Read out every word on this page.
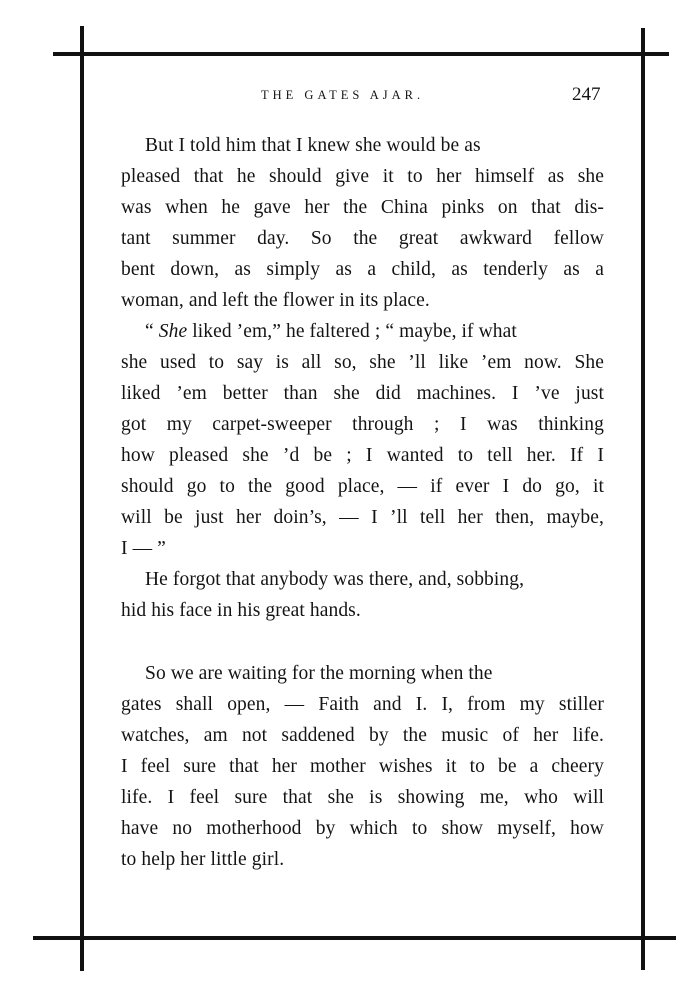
THE GATES AJAR.	247
But I told him that I knew she would be as
pleased that he should give it to her himself as she
was when he gave her the China pinks on that dis-
tant summer day. So the great awkward fellow
bent down, as simply as a child, as tenderly as a
woman, and left the flower in its place.
“ She liked ’em,” he faltered ; “ maybe, if what
she used to say is all so, she ’ll like ’em now. She
liked ’em better than she did machines. I ’ve just
got my carpet-sweeper through ; I was thinking
how pleased she ’d be ; I wanted to tell her. If I
should go to the good place, — if ever I do go, it
will be just her doin’s, — I ’ll tell her then, maybe,
I — ”
He forgot that anybody was there, and, sobbing,
hid his face in his great hands.
So we are waiting for the morning when the
gates shall open, — Faith and I. I, from my stiller
watches, am not saddened by the music of her life.
I feel sure that her mother wishes it to be a cheery
life. I feel sure that she is showing me, who will
have no motherhood by which to show myself, how
to help her little girl.
